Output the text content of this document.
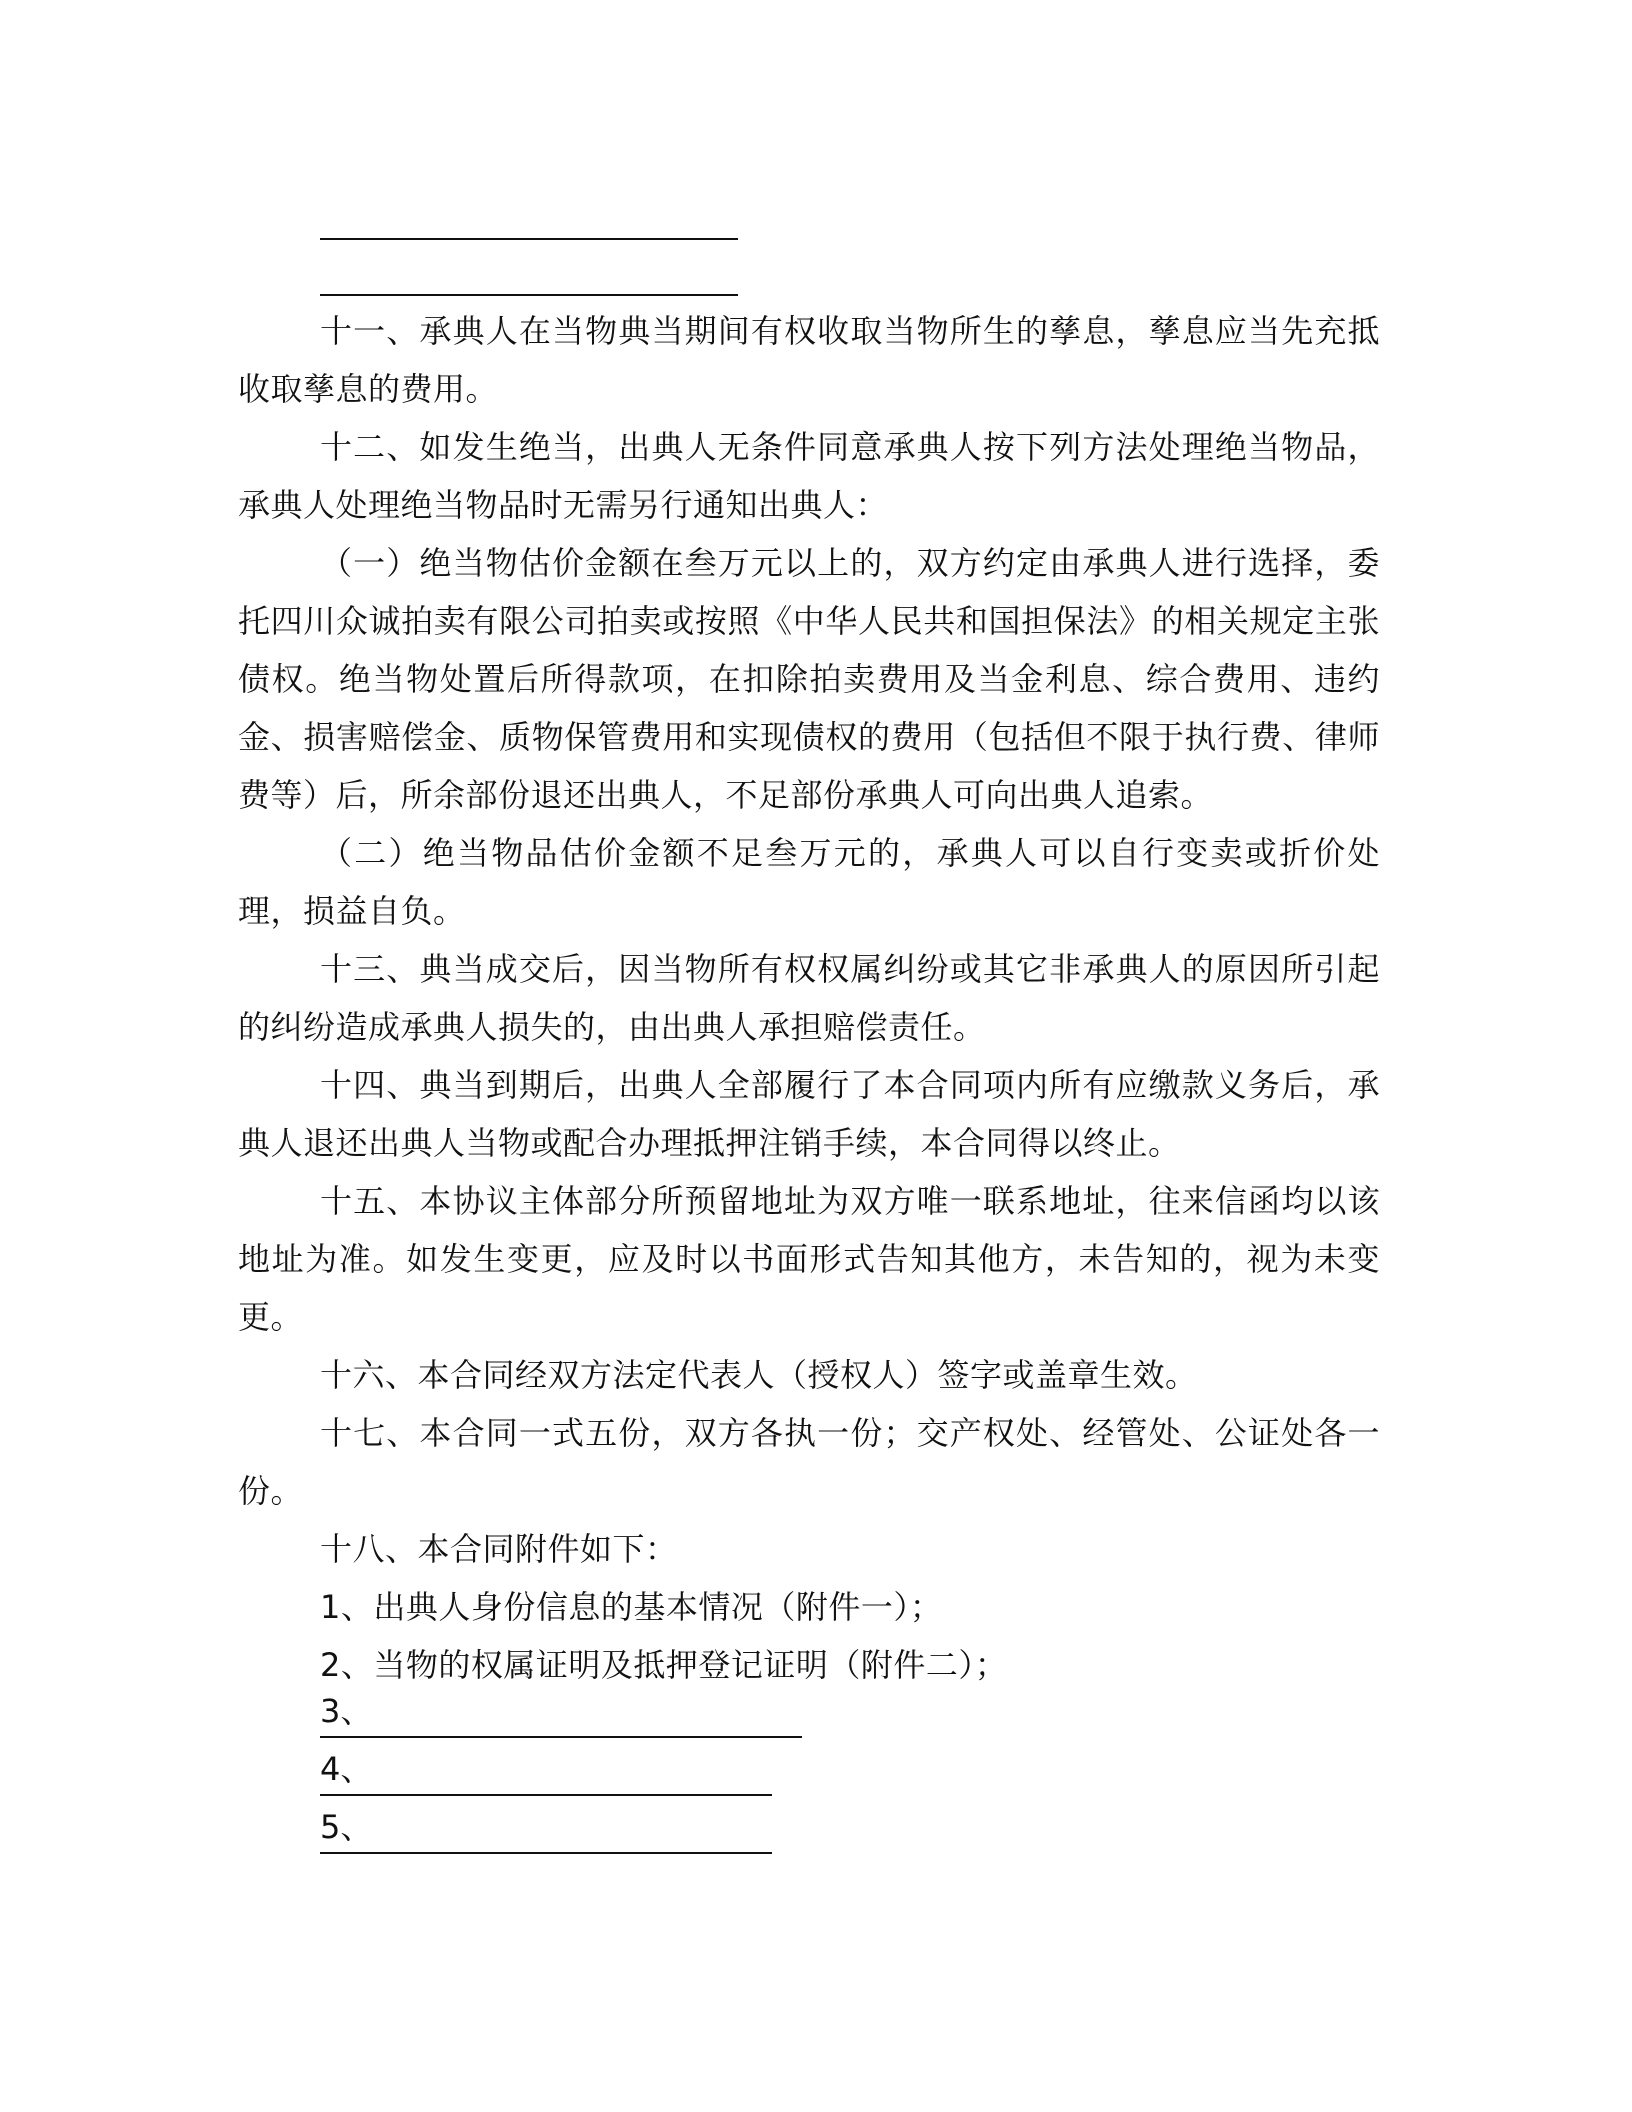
十一、承典人在当物典当期间有权收取当物所生的孳息，孳息应当先充抵收取孳息的费用。

十二、如发生绝当，出典人无条件同意承典人按下列方法处理绝当物品，承典人处理绝当物品时无需另行通知出典人：

（一）绝当物估价金额在叁万元以上的，双方约定由承典人进行选择，委托四川众诚拍卖有限公司拍卖或按照《中华人民共和国担保法》的相关规定主张债权。绝当物处置后所得款项，在扣除拍卖费用及当金利息、综合费用、违约金、损害赔偿金、质物保管费用和实现债权的费用（包括但不限于执行费、律师费等）后，所余部份退还出典人，不足部份承典人可向出典人追索。

（二）绝当物品估价金额不足叁万元的，承典人可以自行变卖或折价处理，损益自负。

十三、典当成交后，因当物所有权权属纠纷或其它非承典人的原因所引起的纠纷造成承典人损失的，由出典人承担赔偿责任。

十四、典当到期后，出典人全部履行了本合同项内所有应缴款义务后，承典人退还出典人当物或配合办理抵押注销手续，本合同得以终止。

十五、本协议主体部分所预留地址为双方唯一联系地址，往来信函均以该地址为准。如发生变更，应及时以书面形式告知其他方，未告知的，视为未变更。

十六、本合同经双方法定代表人（授权人）签字或盖章生效。

十七、本合同一式五份，双方各执一份；交产权处、经管处、公证处各一份。

十八、本合同附件如下：

1、出典人身份信息的基本情况（附件一）；

2、当物的权属证明及抵押登记证明（附件二）；

3、
4、
5、
